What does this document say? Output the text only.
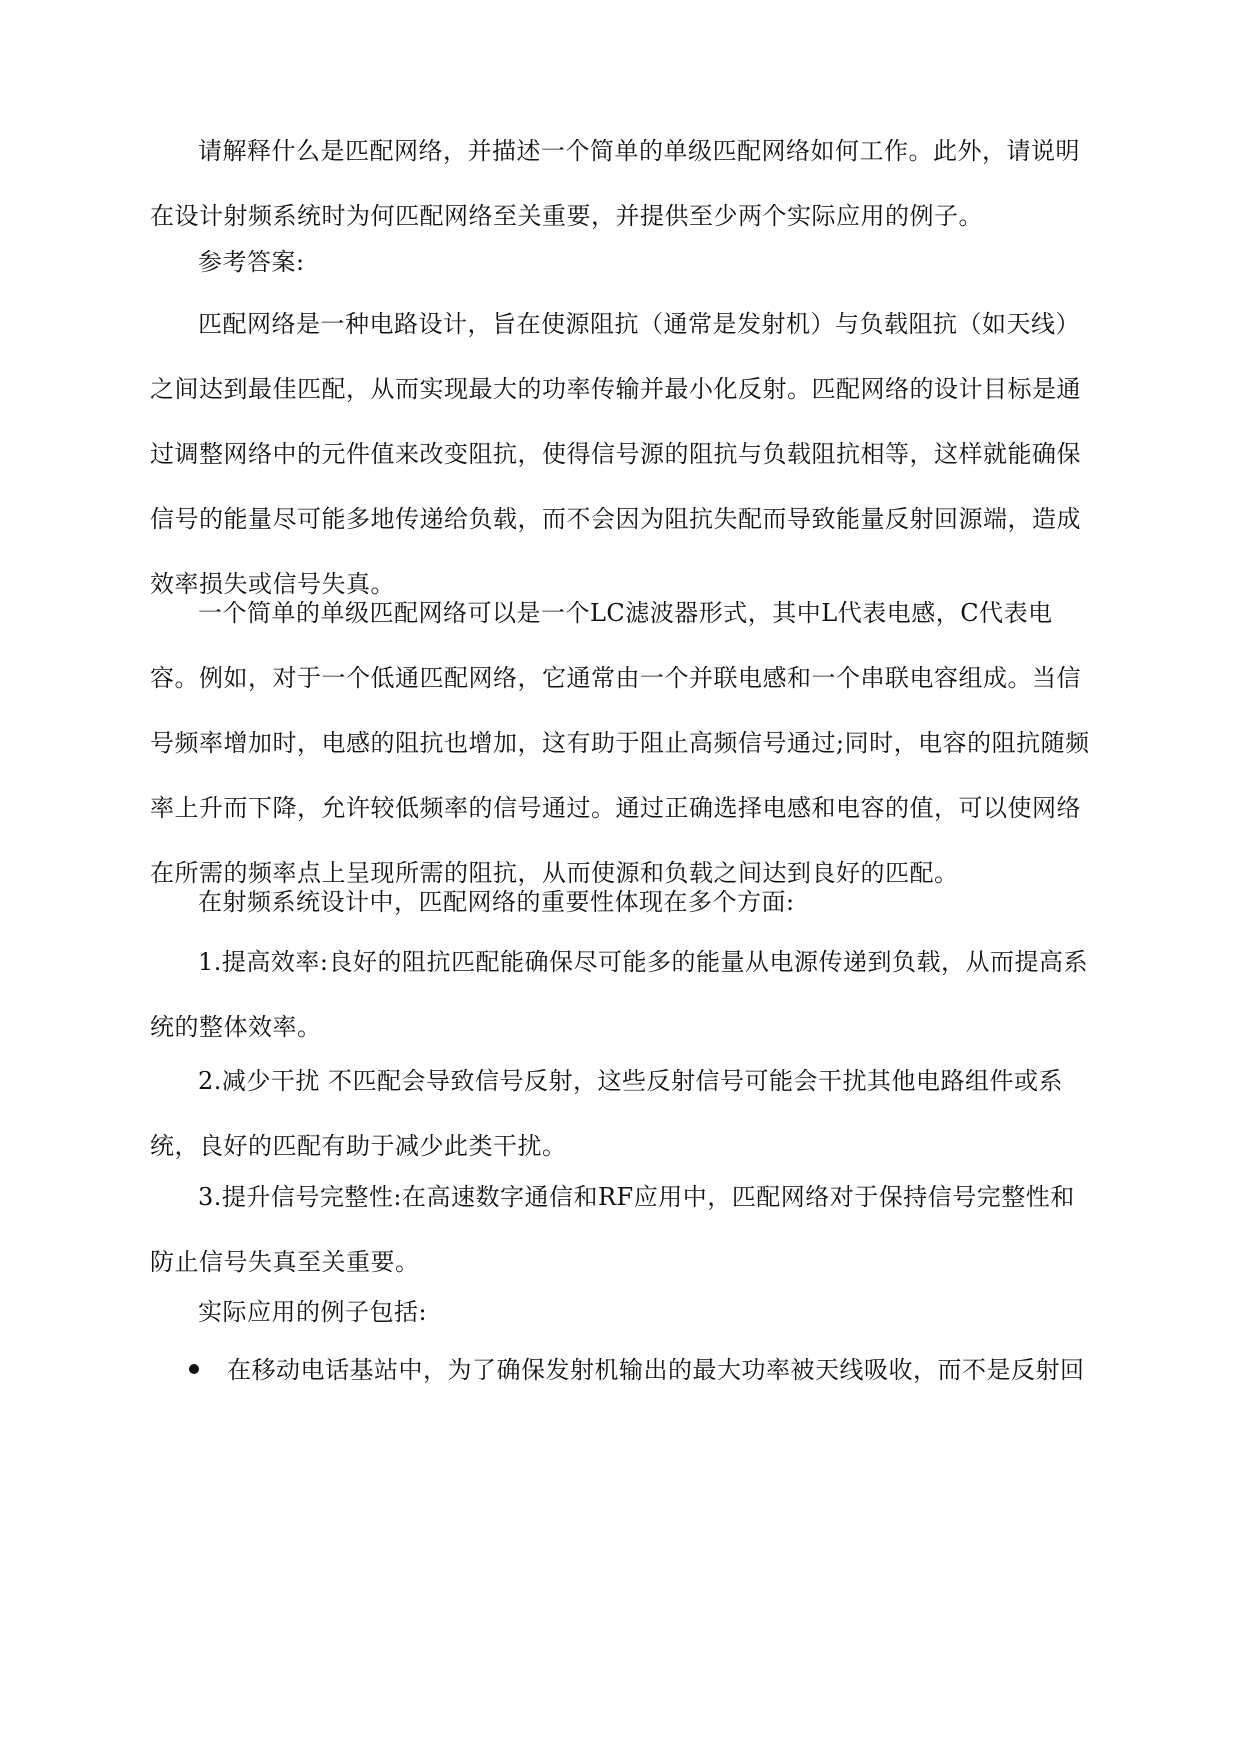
请解释什么是匹配网络，并描述一个简单的单级匹配网络如何工作。此外，请说明
在设计射频系统时为何匹配网络至关重要，并提供至少两个实际应用的例子。

参考答案:

匹配网络是一种电路设计，旨在使源阻抗（通常是发射机）与负载阻抗（如天线）之间达到最佳匹配，从而实现最大的功率传输并最小化反射。匹配网络的设计目标是通过调整网络中的元件值来改变阻抗，使得信号源的阻抗与负载阻抗相等，这样就能确保信号的能量尽可能多地传递给负载，而不会因为阻抗失配而导致能量反射回源端，造成效率损失或信号失真。

一个简单的单级匹配网络可以是一个LC滤波器形式，其中L代表电感，C代表电容。例如，对于一个低通匹配网络，它通常由一个并联电感和一个串联电容组成。当信号频率增加时，电感的阻抗也增加，这有助于阻止高频信号通过;同时，电容的阻抗随频率上升而下降，允许较低频率的信号通过。通过正确选择电感和电容的值，可以使网络在所需的频率点上呈现所需的阻抗，从而使源和负载之间达到良好的匹配。

在射频系统设计中，匹配网络的重要性体现在多个方面:

1.提高效率:良好的阻抗匹配能确保尽可能多的能量从电源传递到负载，从而提高系统的整体效率。

2.减少干扰 不匹配会导致信号反射，这些反射信号可能会干扰其他电路组件或系统，良好的匹配有助于减少此类干扰。

3.提升信号完整性:在高速数字通信和RF应用中，匹配网络对于保持信号完整性和防止信号失真至关重要。

实际应用的例子包括:

在移动电话基站中，为了确保发射机输出的最大功率被天线吸收，而不是反射回
